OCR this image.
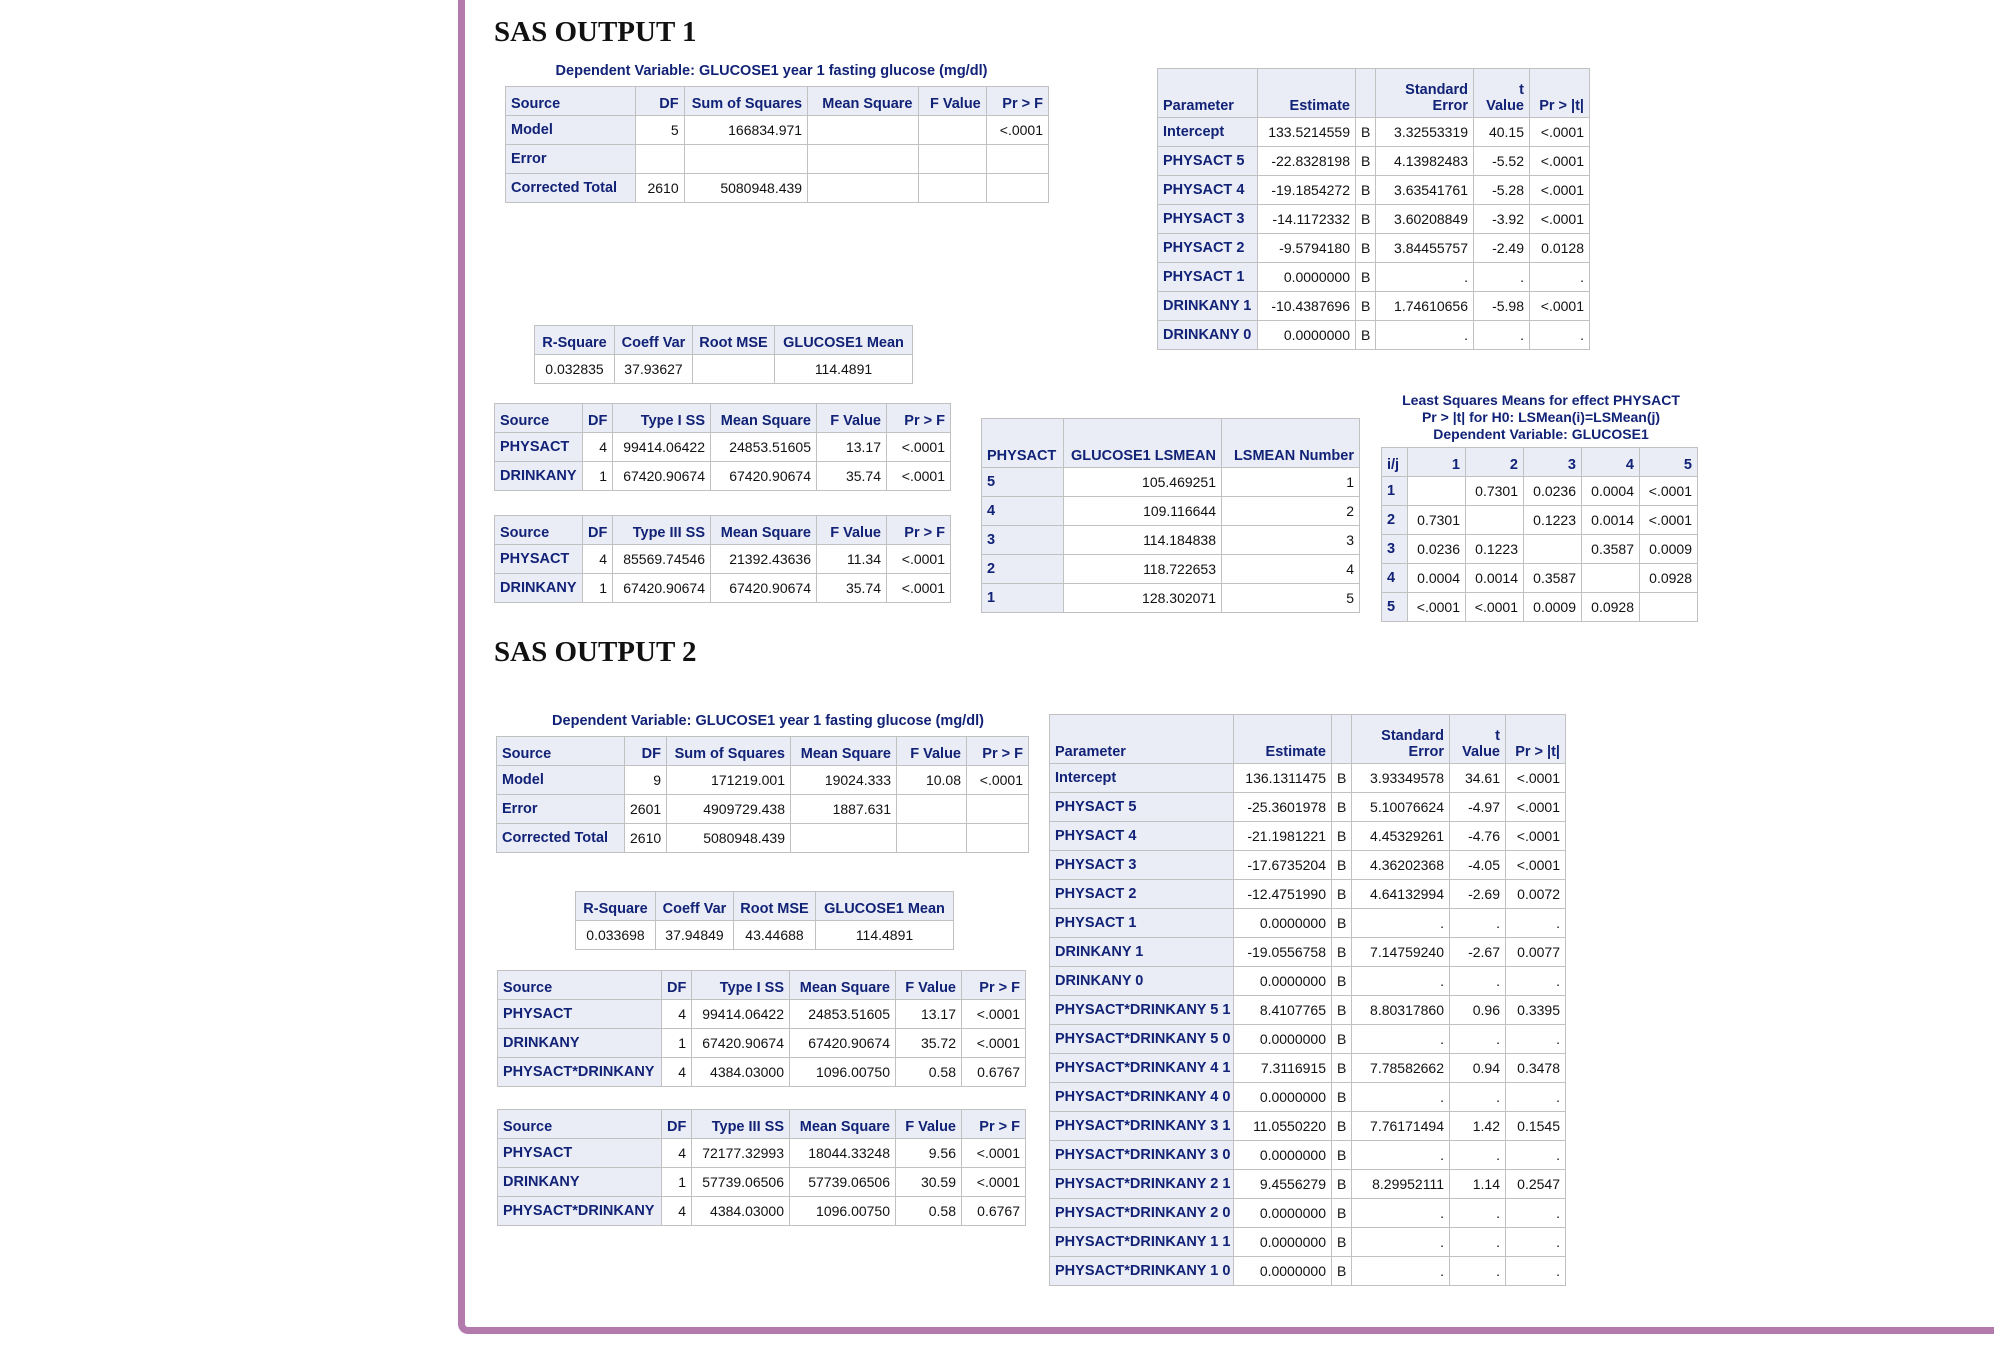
SAS OUTPUT 1
Dependent Variable: GLUCOSE1 year 1 fasting glucose (mg/dl)
Source	DF	Sum of Squares	Mean Square	F Value	Pr > F
Model	5	166834.971			<.0001
Error					
Corrected Total	2610	5080948.439			
R-Square	Coeff Var	Root MSE	GLUCOSE1 Mean
0.032835	37.93627		114.4891
Source	DF	Type I SS	Mean Square	F Value	Pr > F
PHYSACT	4	99414.06422	24853.51605	13.17	<.0001
DRINKANY	1	67420.90674	67420.90674	35.74	<.0001
Source	DF	Type III SS	Mean Square	F Value	Pr > F
PHYSACT	4	85569.74546	21392.43636	11.34	<.0001
DRINKANY	1	67420.90674	67420.90674	35.74	<.0001
Parameter	Estimate		Standard Error	t Value	Pr > |t|
Intercept	133.5214559	B	3.32553319	40.15	<.0001
PHYSACT 5	-22.8328198	B	4.13982483	-5.52	<.0001
PHYSACT 4	-19.1854272	B	3.63541761	-5.28	<.0001
PHYSACT 3	-14.1172332	B	3.60208849	-3.92	<.0001
PHYSACT 2	-9.5794180	B	3.84455757	-2.49	0.0128
PHYSACT 1	0.0000000	B	.	.	.
DRINKANY 1	-10.4387696	B	1.74610656	-5.98	<.0001
DRINKANY 0	0.0000000	B	.	.	.
PHYSACT	GLUCOSE1 LSMEAN	LSMEAN Number
5	105.469251	1
4	109.116644	2
3	114.184838	3
2	118.722653	4
1	128.302071	5
Least Squares Means for effect PHYSACT
Pr > |t| for H0: LSMean(i)=LSMean(j)
Dependent Variable: GLUCOSE1
i/j	1	2	3	4	5
1		0.7301	0.0236	0.0004	<.0001
2	0.7301		0.1223	0.0014	<.0001
3	0.0236	0.1223		0.3587	0.0009
4	0.0004	0.0014	0.3587		0.0928
5	<.0001	<.0001	0.0009	0.0928	
SAS OUTPUT 2
Dependent Variable: GLUCOSE1 year 1 fasting glucose (mg/dl)
Source	DF	Sum of Squares	Mean Square	F Value	Pr > F
Model	9	171219.001	19024.333	10.08	<.0001
Error	2601	4909729.438	1887.631		
Corrected Total	2610	5080948.439			
R-Square	Coeff Var	Root MSE	GLUCOSE1 Mean
0.033698	37.94849	43.44688	114.4891
Source	DF	Type I SS	Mean Square	F Value	Pr > F
PHYSACT	4	99414.06422	24853.51605	13.17	<.0001
DRINKANY	1	67420.90674	67420.90674	35.72	<.0001
PHYSACT*DRINKANY	4	4384.03000	1096.00750	0.58	0.6767
Source	DF	Type III SS	Mean Square	F Value	Pr > F
PHYSACT	4	72177.32993	18044.33248	9.56	<.0001
DRINKANY	1	57739.06506	57739.06506	30.59	<.0001
PHYSACT*DRINKANY	4	4384.03000	1096.00750	0.58	0.6767
Parameter	Estimate		Standard Error	t Value	Pr > |t|
Intercept	136.1311475	B	3.93349578	34.61	<.0001
PHYSACT 5	-25.3601978	B	5.10076624	-4.97	<.0001
PHYSACT 4	-21.1981221	B	4.45329261	-4.76	<.0001
PHYSACT 3	-17.6735204	B	4.36202368	-4.05	<.0001
PHYSACT 2	-12.4751990	B	4.64132994	-2.69	0.0072
PHYSACT 1	0.0000000	B	.	.	.
DRINKANY 1	-19.0556758	B	7.14759240	-2.67	0.0077
DRINKANY 0	0.0000000	B	.	.	.
PHYSACT*DRINKANY 5 1	8.4107765	B	8.80317860	0.96	0.3395
PHYSACT*DRINKANY 5 0	0.0000000	B	.	.	.
PHYSACT*DRINKANY 4 1	7.3116915	B	7.78582662	0.94	0.3478
PHYSACT*DRINKANY 4 0	0.0000000	B	.	.	.
PHYSACT*DRINKANY 3 1	11.0550220	B	7.76171494	1.42	0.1545
PHYSACT*DRINKANY 3 0	0.0000000	B	.	.	.
PHYSACT*DRINKANY 2 1	9.4556279	B	8.29952111	1.14	0.2547
PHYSACT*DRINKANY 2 0	0.0000000	B	.	.	.
PHYSACT*DRINKANY 1 1	0.0000000	B	.	.	.
PHYSACT*DRINKANY 1 0	0.0000000	B	.	.	.
